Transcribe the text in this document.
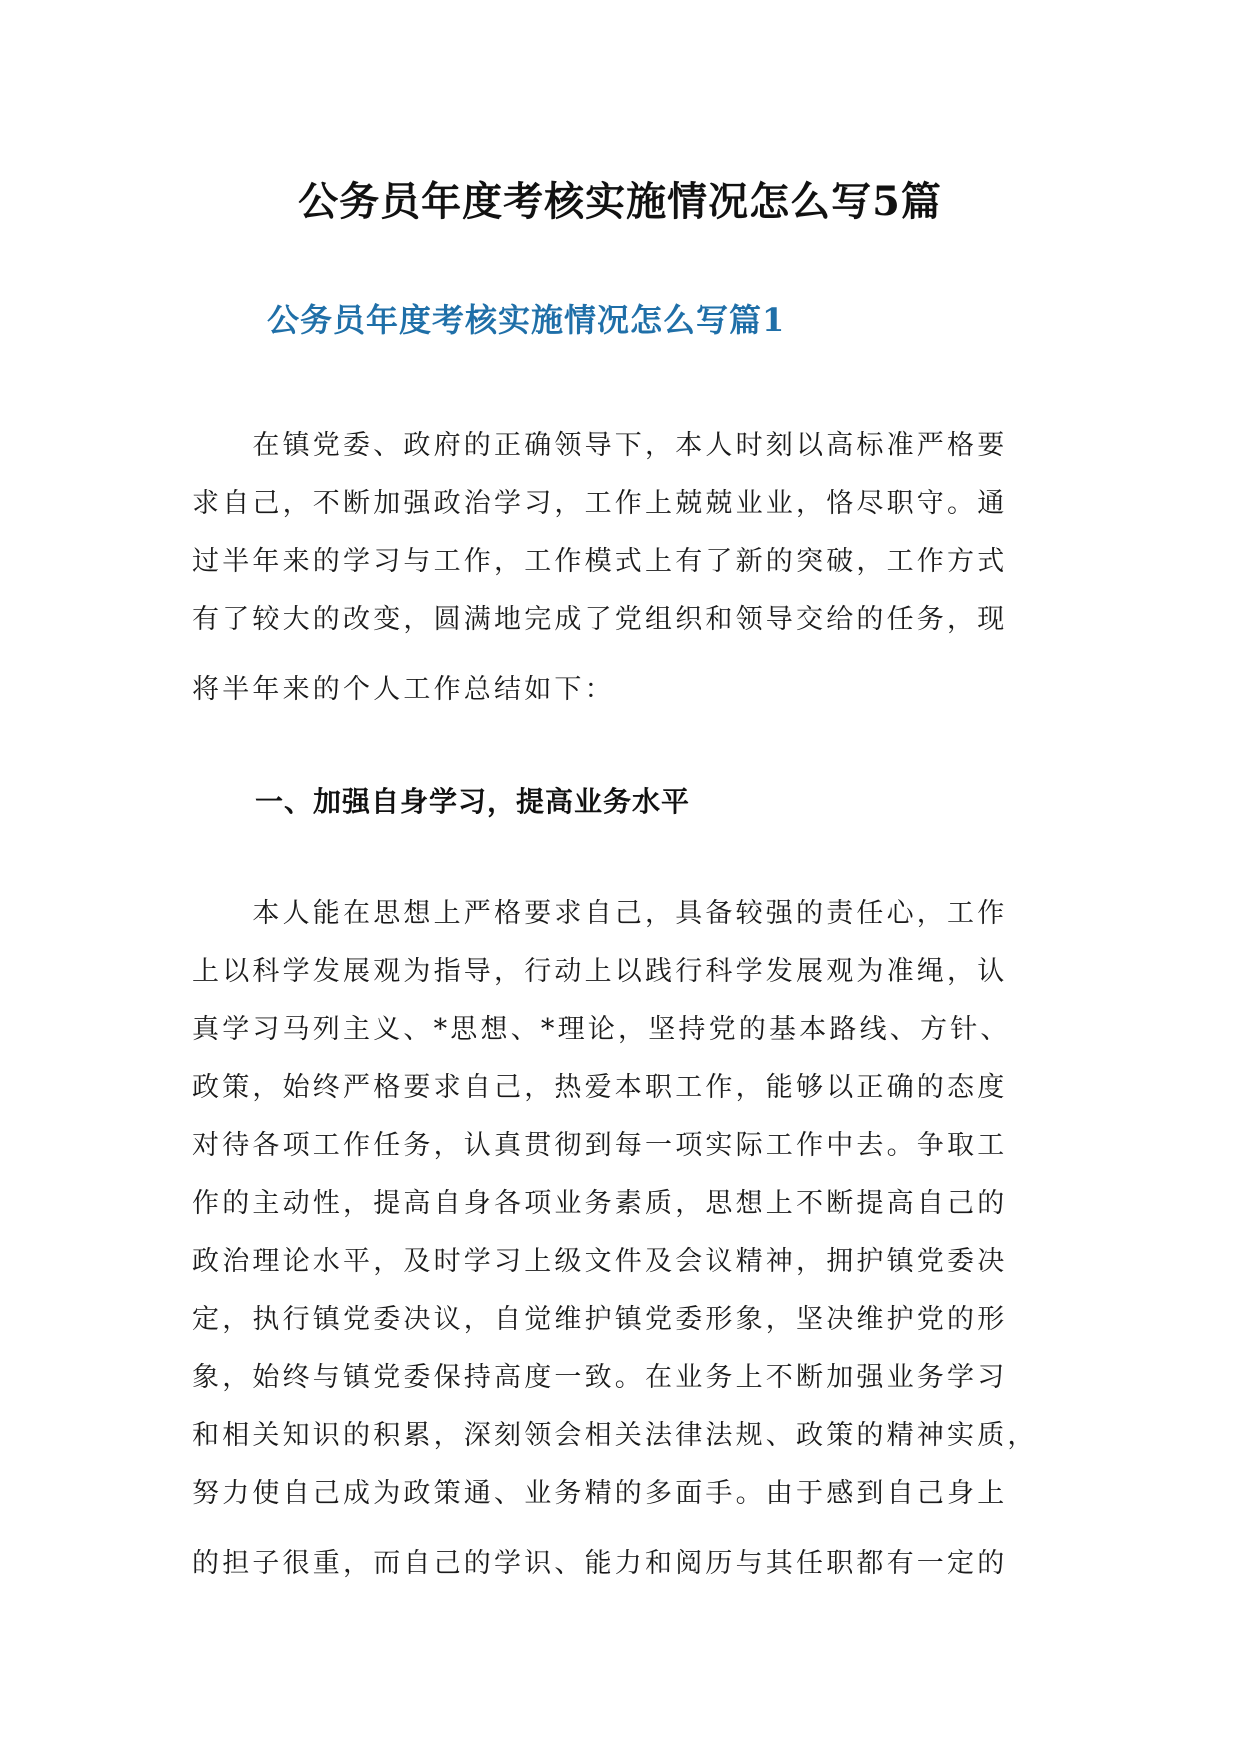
公务员年度考核实施情况怎么写5篇
公务员年度考核实施情况怎么写篇1

　　在镇党委、政府的正确领导下，本人时刻以高标准严格要
求自己，不断加强政治学习，工作上兢兢业业，恪尽职守。通
过半年来的学习与工作，工作模式上有了新的突破，工作方式
有了较大的改变，圆满地完成了党组织和领导交给的任务，现
将半年来的个人工作总结如下：

一、加强自身学习，提高业务水平

　　本人能在思想上严格要求自己，具备较强的责任心，工作
上以科学发展观为指导，行动上以践行科学发展观为准绳，认
真学习马列主义、*思想、*理论，坚持党的基本路线、方针、
政策，始终严格要求自己，热爱本职工作，能够以正确的态度
对待各项工作任务，认真贯彻到每一项实际工作中去。争取工
作的主动性，提高自身各项业务素质，思想上不断提高自己的
政治理论水平，及时学习上级文件及会议精神，拥护镇党委决
定，执行镇党委决议，自觉维护镇党委形象，坚决维护党的形
象，始终与镇党委保持高度一致。在业务上不断加强业务学习
和相关知识的积累，深刻领会相关法律法规、政策的精神实质，
努力使自己成为政策通、业务精的多面手。由于感到自己身上
的担子很重，而自己的学识、能力和阅历与其任职都有一定的
